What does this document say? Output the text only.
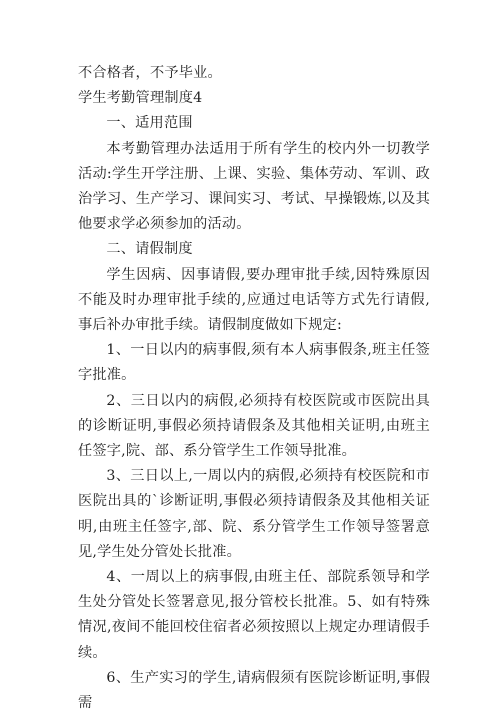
不合格者，不予毕业。

学生考勤管理制度4

一、适用范围

本考勤管理办法适用于所有学生的校内外一切教学活动:学生开学注册、上课、实验、集体劳动、军训、政治学习、生产学习、课间实习、考试、早操锻炼,以及其他要求学必须参加的活动。

二、请假制度

学生因病、因事请假,要办理审批手续,因特殊原因不能及时办理审批手续的,应通过电话等方式先行请假,事后补办审批手续。请假制度做如下规定:

1、一日以内的病事假,须有本人病事假条,班主任签字批准。

2、三日以内的病假,必须持有校医院或市医院出具的诊断证明,事假必须持请假条及其他相关证明,由班主任签字,院、部、系分管学生工作领导批准。

3、三日以上,一周以内的病假,必须持有校医院和市医院出具的`诊断证明,事假必须持请假条及其他相关证明,由班主任签字,部、院、系分管学生工作领导签署意见,学生处分管处长批准。

4、一周以上的病事假,由班主任、部院系领导和学生处分管处长签署意见,报分管校长批准。5、如有特殊情况,夜间不能回校住宿者必须按照以上规定办理请假手续。

6、生产实习的学生,请病假须有医院诊断证明,事假需
